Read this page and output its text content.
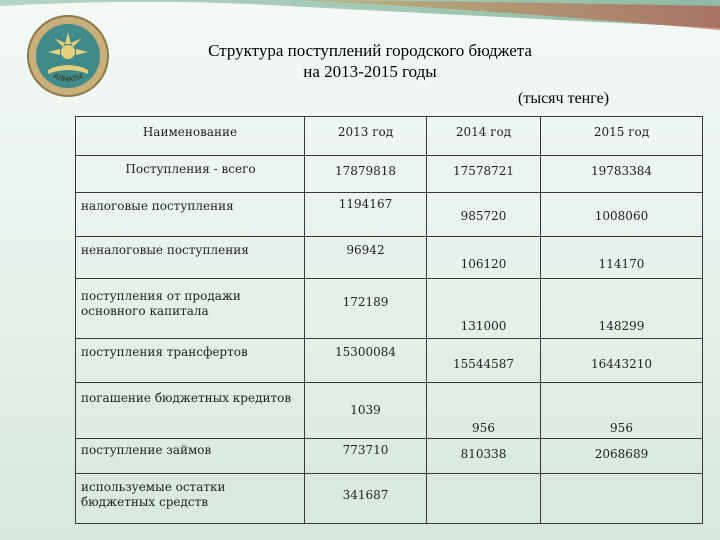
АЛМАТЫ
Структура поступлений городского бюджета
на 2013-2015 годы
(тысяч тенге)
Наименование	2013 год	2014 год	2015 год
Поступления - всего	17879818	17578721	19783384
налоговые поступления	1194167	985720	1008060
неналоговые поступления	96942	106120	114170
поступления от продажи основного капитала	172189	131000	148299
поступления трансфертов	15300084	15544587	16443210
погашение бюджетных кредитов	1039	956	956
поступление займов	773710	810338	2068689
используемые остатки бюджетных средств	341687		
